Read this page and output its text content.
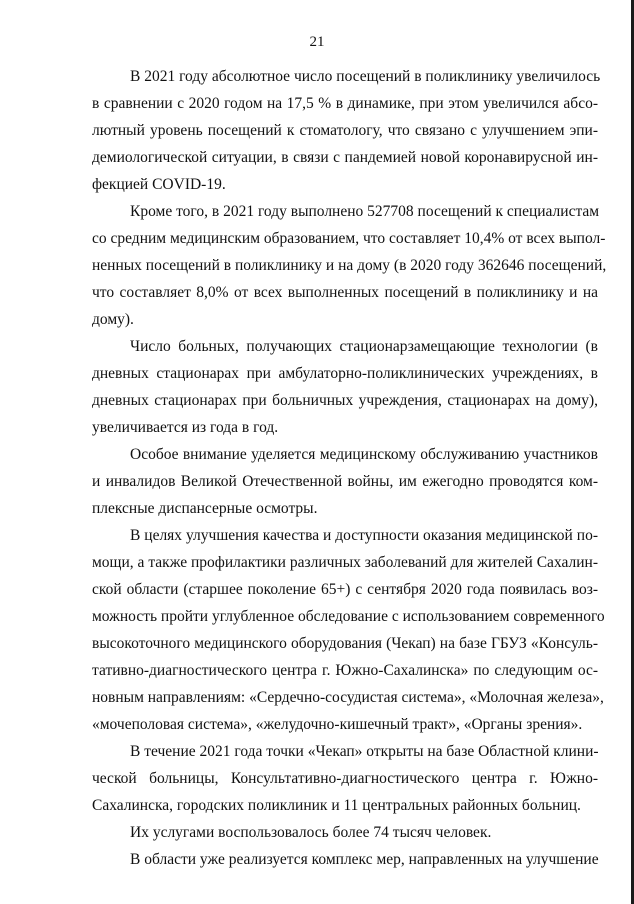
21
В 2021 году абсолютное число посещений в поликлинику увеличилось
в сравнении с 2020 годом на 17,5 % в динамике, при этом увеличился абсо-
лютный уровень посещений к стоматологу, что связано с улучшением эпи-
демиологической ситуации, в связи с пандемией новой коронавирусной ин-
фекцией COVID-19.
Кроме того, в 2021 году выполнено 527708 посещений к специалистам
со средним медицинским образованием, что составляет 10,4% от всех выпол-
ненных посещений в поликлинику и на дому (в 2020 году 362646 посещений,
что составляет 8,0% от всех выполненных посещений в поликлинику и на
дому).
Число больных, получающих стационарзамещающие технологии (в
дневных стационарах при амбулаторно-поликлинических учреждениях, в
дневных стационарах при больничных учреждения, стационарах на дому),
увеличивается из года в год.
Особое внимание уделяется медицинскому обслуживанию участников
и инвалидов Великой Отечественной войны, им ежегодно проводятся ком-
плексные диспансерные осмотры.
В целях улучшения качества и доступности оказания медицинской по-
мощи, а также профилактики различных заболеваний для жителей Сахалин-
ской области (старшее поколение 65+) с сентября 2020 года появилась воз-
можность пройти углубленное обследование с использованием современного
высокоточного медицинского оборудования (Чекап) на базе ГБУЗ «Консуль-
тативно-диагностического центра г. Южно-Сахалинска» по следующим ос-
новным направлениям: «Сердечно-сосудистая система», «Молочная железа»,
«мочеполовая система», «желудочно-кишечный тракт», «Органы зрения».
В течение 2021 года точки «Чекап» открыты на базе Областной клини-
ческой больницы, Консультативно-диагностического центра г. Южно-
Сахалинска, городских поликлиник и 11 центральных районных больниц.
Их услугами воспользовалось более 74 тысяч человек.
В области уже реализуется комплекс мер, направленных на улучшение
